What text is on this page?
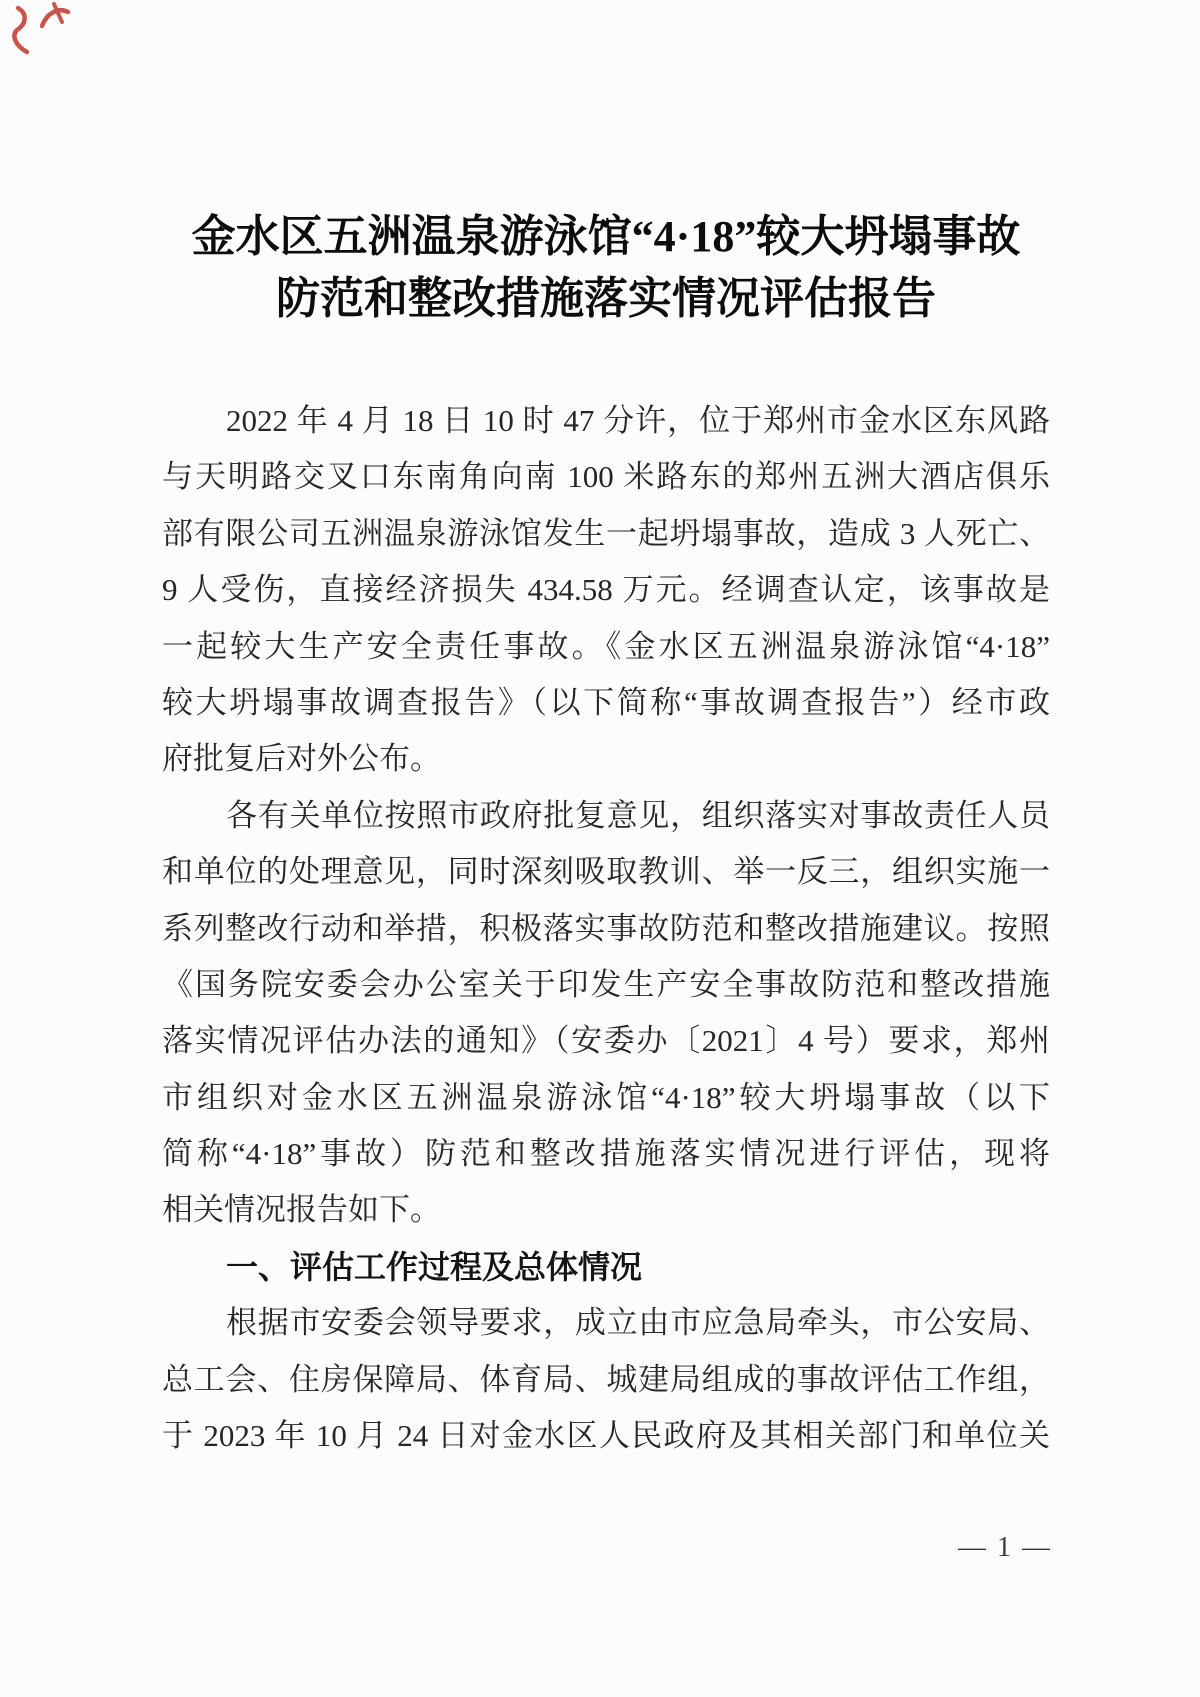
金水区五洲温泉游泳馆“4·18”较大坍塌事故
防范和整改措施落实情况评估报告
2022 年 4 月 18 日 10 时 47 分许，位于郑州市金水区东风路
与天明路交叉口东南角向南 100 米路东的郑州五洲大酒店俱乐
部有限公司五洲温泉游泳馆发生一起坍塌事故，造成 3 人死亡、
9 人受伤，直接经济损失 434.58 万元。经调查认定，该事故是
一起较大生产安全责任事故。《金水区五洲温泉游泳馆“4·18”
较大坍塌事故调查报告》（以下简称“事故调查报告”）经市政
府批复后对外公布。
各有关单位按照市政府批复意见，组织落实对事故责任人员
和单位的处理意见，同时深刻吸取教训、举一反三，组织实施一
系列整改行动和举措，积极落实事故防范和整改措施建议。按照
《国务院安委会办公室关于印发生产安全事故防范和整改措施
落实情况评估办法的通知》（安委办〔2021〕4 号）要求，郑州
市组织对金水区五洲温泉游泳馆“4·18”较大坍塌事故（以下
简称“4·18”事故）防范和整改措施落实情况进行评估，现将
相关情况报告如下。
一、评估工作过程及总体情况
根据市安委会领导要求，成立由市应急局牵头，市公安局、
总工会、住房保障局、体育局、城建局组成的事故评估工作组，
于 2023 年 10 月 24 日对金水区人民政府及其相关部门和单位关
— 1 —
